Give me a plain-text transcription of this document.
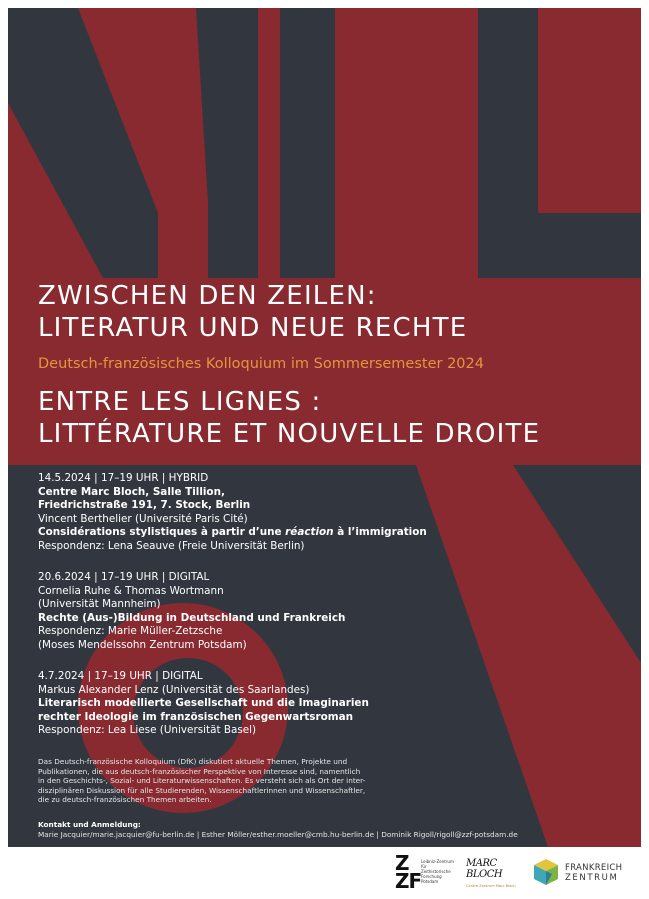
ZWISCHEN DEN ZEILEN:
LITERATUR UND NEUE RECHTE
Deutsch-französisches Kolloquium im Sommersemester 2024
ENTRE LES LIGNES :
LITTÉRATURE ET NOUVELLE DROITE
14.5.2024 | 17–19 UHR | HYBRID
Centre Marc Bloch, Salle Tillion,
Friedrichstraße 191, 7. Stock, Berlin
Vincent Berthelier (Université Paris Cité)
Considérations stylistiques à partir d’une réaction à l’immigration
Respondenz: Lena Seauve (Freie Universität Berlin)
20.6.2024 | 17–19 UHR | DIGITAL
Cornelia Ruhe & Thomas Wortmann
(Universität Mannheim)
Rechte (Aus-)Bildung in Deutschland und Frankreich
Respondenz: Marie Müller-Zetzsche
(Moses Mendelssohn Zentrum Potsdam)
4.7.2024 | 17–19 UHR | DIGITAL
Markus Alexander Lenz (Universität des Saarlandes)
Literarisch modellierte Gesellschaft und die Imaginarien
rechter Ideologie im französischen Gegenwartsroman
Respondenz: Lea Liese (Universität Basel)
Das Deutsch-französische Kolloquium (DfK) diskutiert aktuelle Themen, Projekte und
Publikationen, die aus deutsch-französischer Perspektive von Interesse sind, namentlich
in den Geschichts-, Sozial- und Literaturwissenschaften. Es versteht sich als Ort der inter-
disziplinären Diskussion für alle Studierenden, Wissenschaftlerinnen und Wissenschaftler,
die zu deutsch-französischen Themen arbeiten.
Kontakt und Anmeldung:
Marie Jacquier/marie.jacquier@fu-berlin.de | Esther Möller/esther.moeller@cmb.hu-berlin.de | Dominik Rigoll/rigoll@zzf-potsdam.de
Z
ZF
Leibniz-Zentrum für
Zeithistorische
Forschung Potsdam
MARC
BLOCH
Centre Zentrum Marc Bloch
FRANKREICH
ZENTRUM
